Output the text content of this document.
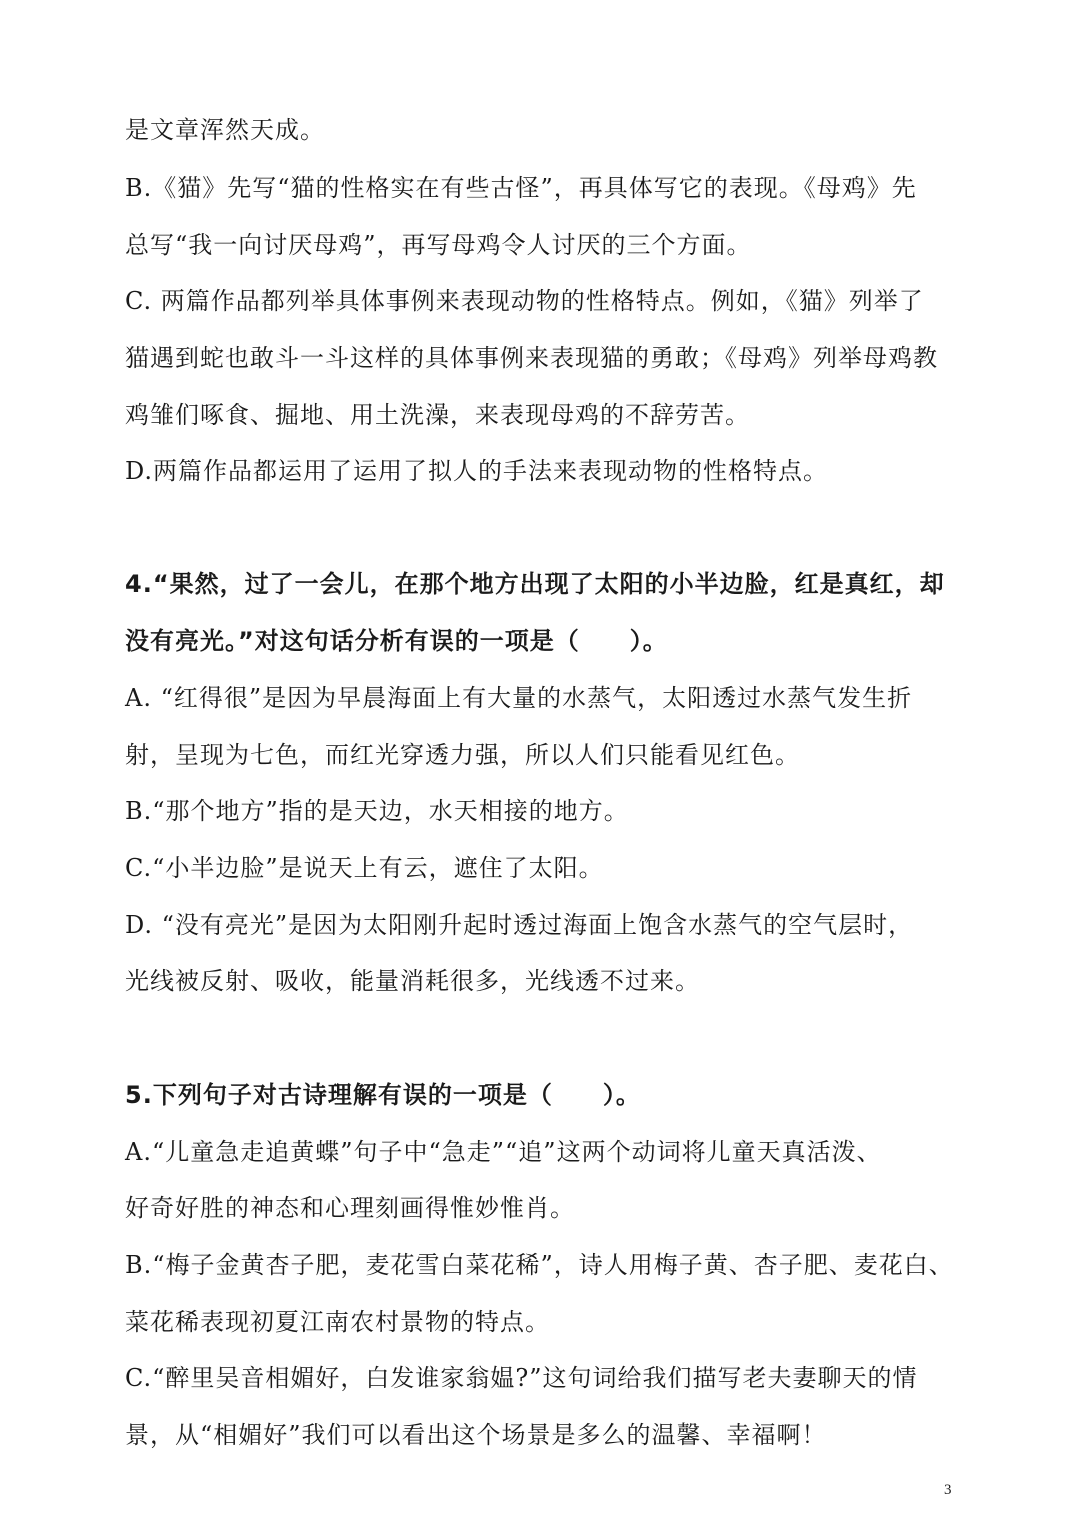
是文章浑然天成。
B.《猫》先写“猫的性格实在有些古怪”，再具体写它的表现。《母鸡》先
总写“我一向讨厌母鸡”，再写母鸡令人讨厌的三个方面。
C. 两篇作品都列举具体事例来表现动物的性格特点。例如，《猫》列举了
猫遇到蛇也敢斗一斗这样的具体事例来表现猫的勇敢；《母鸡》列举母鸡教
鸡雏们啄食、掘地、用土洗澡，来表现母鸡的不辞劳苦。
D.两篇作品都运用了运用了拟人的手法来表现动物的性格特点。
4.“果然，过了一会儿，在那个地方出现了太阳的小半边脸，红是真红，却
没有亮光。”对这句话分析有误的一项是（　　）。
A. “红得很”是因为早晨海面上有大量的水蒸气，太阳透过水蒸气发生折
射，呈现为七色，而红光穿透力强，所以人们只能看见红色。
B.“那个地方”指的是天边，水天相接的地方。
C.“小半边脸”是说天上有云，遮住了太阳。
D. “没有亮光”是因为太阳刚升起时透过海面上饱含水蒸气的空气层时，
光线被反射、吸收，能量消耗很多，光线透不过来。
5.下列句子对古诗理解有误的一项是（　　）。
A.“儿童急走追黄蝶”句子中“急走”“追”这两个动词将儿童天真活泼、
好奇好胜的神态和心理刻画得惟妙惟肖。
B.“梅子金黄杏子肥，麦花雪白菜花稀”，诗人用梅子黄、杏子肥、麦花白、
菜花稀表现初夏江南农村景物的特点。
C.“醉里吴音相媚好，白发谁家翁媪?”这句词给我们描写老夫妻聊天的情
景，从“相媚好”我们可以看出这个场景是多么的温馨、幸福啊！
3
